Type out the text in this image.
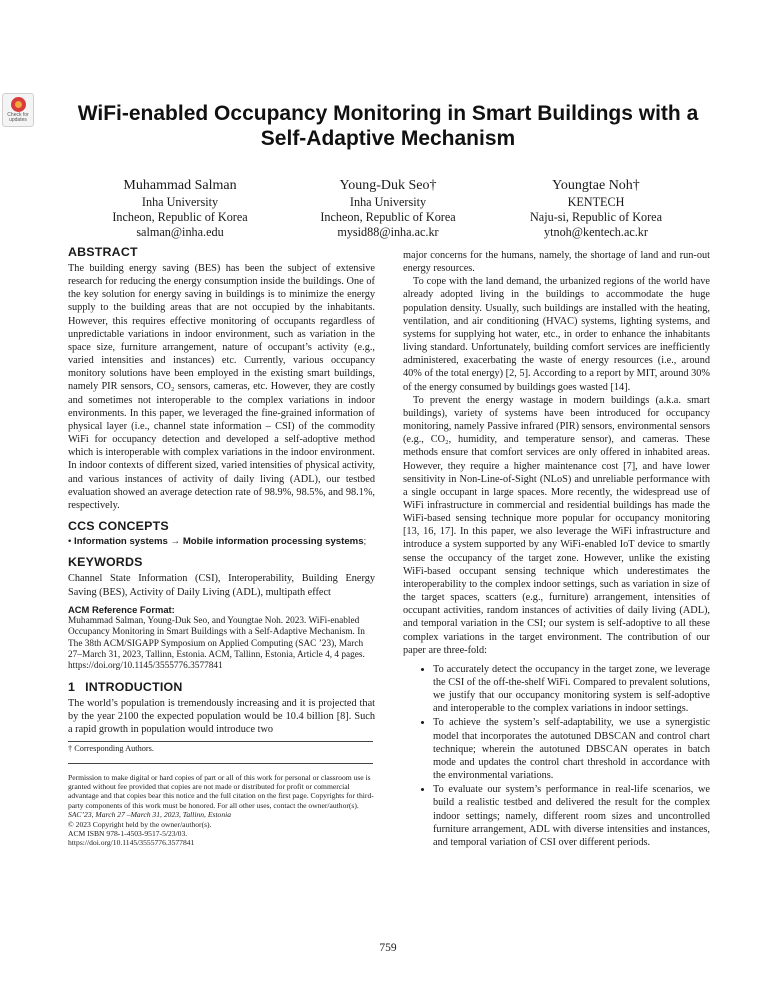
Check for updates	WiFi-enabled Occupancy Monitoring in Smart Buildings with a Self-Adaptive Mechanism
Muhammad Salman
Inha University
Incheon, Republic of Korea
salman@inha.edu
Young-Duk Seo†
Inha University
Incheon, Republic of Korea
mysid88@inha.ac.kr
Youngtae Noh†
KENTECH
Naju-si, Republic of Korea
ytnoh@kentech.ac.kr
ABSTRACT

The building energy saving (BES) has been the subject of extensive research for reducing the energy consumption inside the buildings. One of the key solution for energy saving in buildings is to minimize the energy supply to the building areas that are not occupied by the inhabitants. However, this requires effective monitoring of occupants regardless of unpredictable variations in indoor environment, such as variation in the space size, furniture arrangement, nature of occupant’s activity (e.g., varied intensities and instances) etc. Currently, various occupancy monitory solutions have been employed in the existing smart buildings, namely PIR sensors, CO₂ sensors, cameras, etc. However, they are costly and sometimes not interoperable to the complex variations in indoor environments. In this paper, we leveraged the fine-grained information of physical layer (i.e., channel state information – CSI) of the commodity WiFi for occupancy detection and developed a self-adoptive method which is interoperable with complex variations in the indoor environment. In indoor contexts of different sized, varied intensities of physical activity, and various instances of activity of daily living (ADL), our testbed evaluation showed an average detection rate of 98.9%, 98.5%, and 98.1%, respectively.

CCS CONCEPTS

• Information systems → Mobile information processing systems;

KEYWORDS

Channel State Information (CSI), Interoperability, Building Energy Saving (BES), Activity of Daily Living (ADL), multipath effect

ACM Reference Format:

Muhammad Salman, Young-Duk Seo, and Youngtae Noh. 2023. WiFi-enabled Occupancy Monitoring in Smart Buildings with a Self-Adaptive Mechanism. In The 38th ACM/SIGAPP Symposium on Applied Computing (SAC ’23), March 27–March 31, 2023, Tallinn, Estonia. ACM, Tallinn, Estonia, Article 4, 4 pages. https://doi.org/10.1145/3555776.3577841

1 INTRODUCTION

The world’s population is tremendously increasing and it is projected that by the year 2100 the expected population would be 10.4 billion [8]. Such a rapid growth in population would introduce two

† Corresponding Authors.

Permission to make digital or hard copies of part or all of this work for personal or classroom use is granted without fee provided that copies are not made or distributed for profit or commercial advantage and that copies bear this notice and the full citation on the first page. Copyrights for third-party components of this work must be honored. For all other uses, contact the owner/author(s).
SAC’23, March 27 –March 31, 2023, Tallinn, Estonia
© 2023 Copyright held by the owner/author(s).
ACM ISBN 978-1-4503-9517-5/23/03.
https://doi.org/10.1145/3555776.3577841

major concerns for the humans, namely, the shortage of land and run-out energy resources.

To cope with the land demand, the urbanized regions of the world have already adopted living in the buildings to accommodate the huge population density. Usually, such buildings are installed with the heating, ventilation, and air conditioning (HVAC) systems, lighting systems, and systems for supplying hot water, etc., in order to enhance the inhabitants living standard. Unfortunately, building comfort services are inefficiently administered, exacerbating the waste of energy resources (i.e., around 40% of the total energy) [2, 5]. According to a report by MIT, around 30% of the energy consumed by buildings goes wasted [14].

To prevent the energy wastage in modern buildings (a.k.a. smart buildings), variety of systems have been introduced for occupancy monitoring, namely Passive infrared (PIR) sensors, environmental sensors (e.g., CO₂, humidity, and temperature sensor), and cameras. These methods ensure that comfort services are only offered in inhabited areas. However, they require a higher maintenance cost [7], and have lower sensitivity in Non-Line-of-Sight (NLoS) and unreliable performance with a single occupant in large spaces. More recently, the widespread use of WiFi infrastructure in commercial and residential buildings has made the WiFi-based sensing technique more popular for occupancy monitoring [13, 16, 17]. In this paper, we also leverage the WiFi infrastructure and introduce a system supported by any WiFi-enabled IoT device to smartly sense the occupancy of the target zone. However, unlike the existing WiFi-based occupant sensing technique which underestimates the interoperability to the complex indoor settings, such as variation in size of the target spaces, scatters (e.g., furniture) arrangement, intensities of occupant activities, random instances of activities of daily living (ADL), and temporal variation in the CSI; our system is self-adoptive to all these complex variations in the target environment. The contribution of our paper are three-fold:

• To accurately detect the occupancy in the target zone, we leverage the CSI of the off-the-shelf WiFi. Compared to prevalent solutions, we justify that our occupancy monitoring system is self-adoptive and interoperable to the complex variations in indoor settings.
• To achieve the system’s self-adaptability, we use a synergistic model that incorporates the autotuned DBSCAN and control chart technique; wherein the autotuned DBSCAN operates in batch mode and updates the control chart threshold in accordance with the environmental variations.
• To evaluate our system’s performance in real-life scenarios, we build a realistic testbed and delivered the result for the complex indoor settings; namely, different room sizes and uncontrolled furniture arrangement, ADL with diverse intensities and instances, and temporal variation of CSI over different periods.
759
